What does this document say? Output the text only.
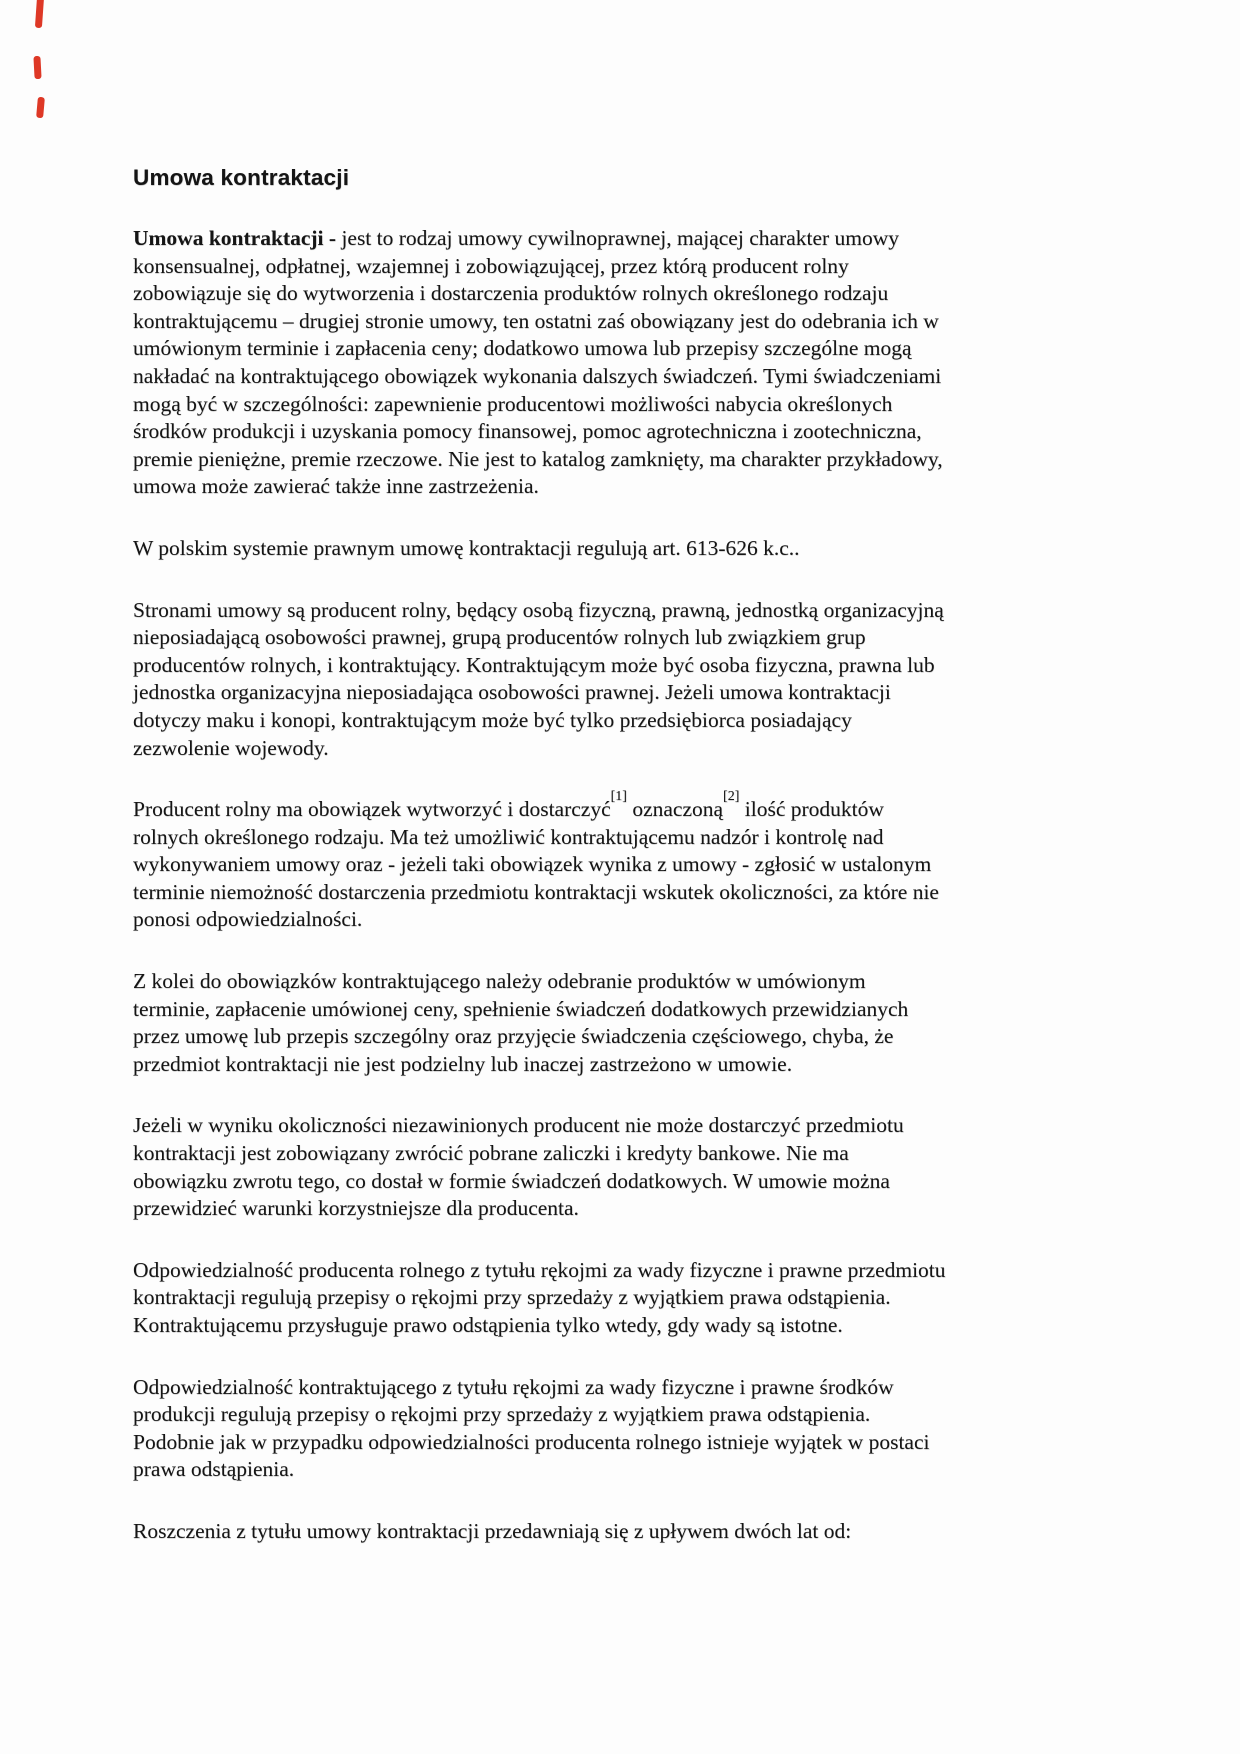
Umowa kontraktacji
Umowa kontraktacji - jest to rodzaj umowy cywilnoprawnej, mającej charakter umowy
konsensualnej, odpłatnej, wzajemnej i zobowiązującej, przez którą producent rolny
zobowiązuje się do wytworzenia i dostarczenia produktów rolnych określonego rodzaju
kontraktującemu – drugiej stronie umowy, ten ostatni zaś obowiązany jest do odebrania ich w
umówionym terminie i zapłacenia ceny; dodatkowo umowa lub przepisy szczególne mogą
nakładać na kontraktującego obowiązek wykonania dalszych świadczeń. Tymi świadczeniami
mogą być w szczególności: zapewnienie producentowi możliwości nabycia określonych
środków produkcji i uzyskania pomocy finansowej, pomoc agrotechniczna i zootechniczna,
premie pieniężne, premie rzeczowe. Nie jest to katalog zamknięty, ma charakter przykładowy,
umowa może zawierać także inne zastrzeżenia.
W polskim systemie prawnym umowę kontraktacji regulują art. 613-626 k.c..
Stronami umowy są producent rolny, będący osobą fizyczną, prawną, jednostką organizacyjną
nieposiadającą osobowości prawnej, grupą producentów rolnych lub związkiem grup
producentów rolnych, i kontraktujący. Kontraktującym może być osoba fizyczna, prawna lub
jednostka organizacyjna nieposiadająca osobowości prawnej. Jeżeli umowa kontraktacji
dotyczy maku i konopi, kontraktującym może być tylko przedsiębiorca posiadający
zezwolenie wojewody.
Producent rolny ma obowiązek wytworzyć i dostarczyć[1] oznaczoną[2] ilość produktów
rolnych określonego rodzaju. Ma też umożliwić kontraktującemu nadzór i kontrolę nad
wykonywaniem umowy oraz - jeżeli taki obowiązek wynika z umowy - zgłosić w ustalonym
terminie niemożność dostarczenia przedmiotu kontraktacji wskutek okoliczności, za które nie
ponosi odpowiedzialności.
Z kolei do obowiązków kontraktującego należy odebranie produktów w umówionym
terminie, zapłacenie umówionej ceny, spełnienie świadczeń dodatkowych przewidzianych
przez umowę lub przepis szczególny oraz przyjęcie świadczenia częściowego, chyba, że
przedmiot kontraktacji nie jest podzielny lub inaczej zastrzeżono w umowie.
Jeżeli w wyniku okoliczności niezawinionych producent nie może dostarczyć przedmiotu
kontraktacji jest zobowiązany zwrócić pobrane zaliczki i kredyty bankowe. Nie ma
obowiązku zwrotu tego, co dostał w formie świadczeń dodatkowych. W umowie można
przewidzieć warunki korzystniejsze dla producenta.
Odpowiedzialność producenta rolnego z tytułu rękojmi za wady fizyczne i prawne przedmiotu
kontraktacji regulują przepisy o rękojmi przy sprzedaży z wyjątkiem prawa odstąpienia.
Kontraktującemu przysługuje prawo odstąpienia tylko wtedy, gdy wady są istotne.
Odpowiedzialność kontraktującego z tytułu rękojmi za wady fizyczne i prawne środków
produkcji regulują przepisy o rękojmi przy sprzedaży z wyjątkiem prawa odstąpienia.
Podobnie jak w przypadku odpowiedzialności producenta rolnego istnieje wyjątek w postaci
prawa odstąpienia.
Roszczenia z tytułu umowy kontraktacji przedawniają się z upływem dwóch lat od:
